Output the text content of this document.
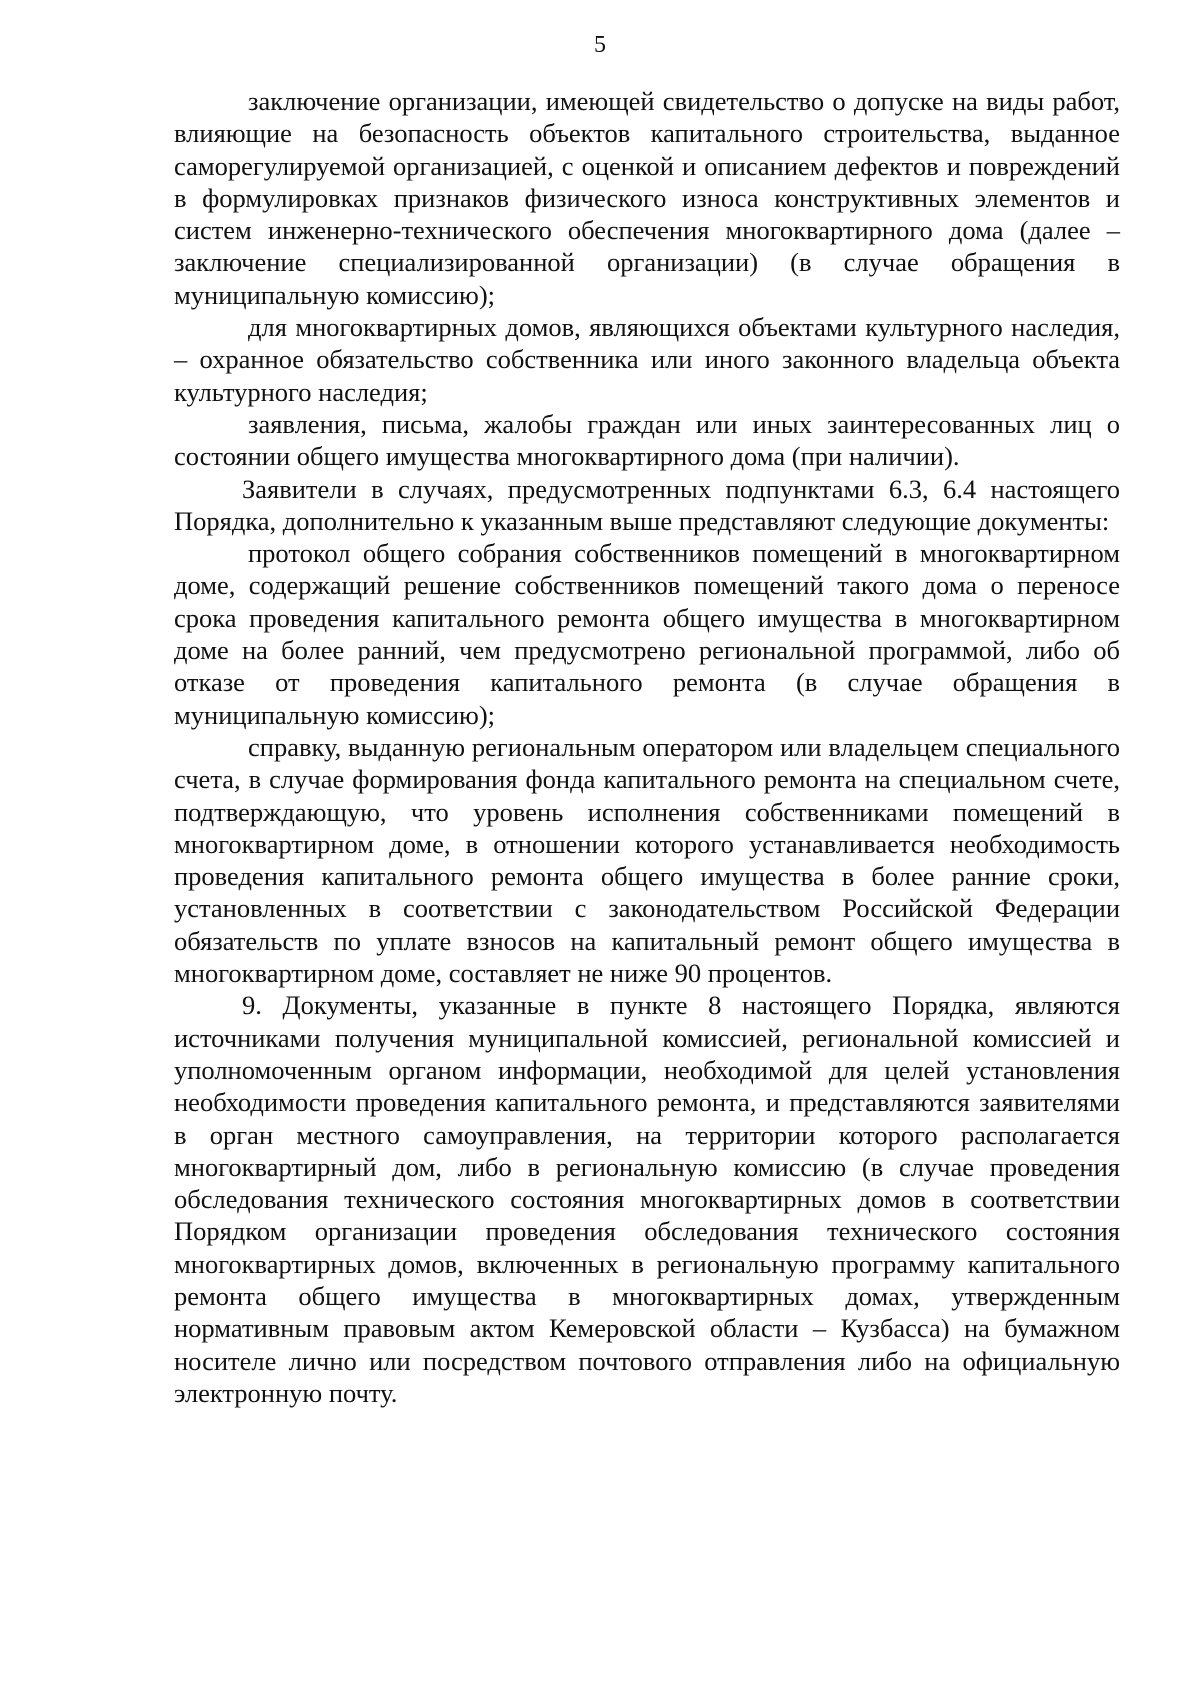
5

заключение организации, имеющей свидетельство о допуске на виды работ, влияющие на безопасность объектов капитального строительства, выданное саморегулируемой организацией, с оценкой и описанием дефектов и повреждений в формулировках признаков физического износа конструктивных элементов и систем инженерно-технического обеспечения многоквартирного дома (далее – заключение специализированной организации) (в случае обращения в муниципальную комиссию);

для многоквартирных домов, являющихся объектами культурного наследия, – охранное обязательство собственника или иного законного владельца объекта культурного наследия;

заявления, письма, жалобы граждан или иных заинтересованных лиц о состоянии общего имущества многоквартирного дома (при наличии).

Заявители в случаях, предусмотренных подпунктами 6.3, 6.4 настоящего Порядка, дополнительно к указанным выше представляют следующие документы:

протокол общего собрания собственников помещений в многоквартирном доме, содержащий решение собственников помещений такого дома о переносе срока проведения капитального ремонта общего имущества в многоквартирном доме на более ранний, чем предусмотрено региональной программой, либо об отказе от проведения капитального ремонта (в случае обращения в муниципальную комиссию);

справку, выданную региональным оператором или владельцем специального счета, в случае формирования фонда капитального ремонта на специальном счете, подтверждающую, что уровень исполнения собственниками помещений в многоквартирном доме, в отношении которого устанавливается необходимость проведения капитального ремонта общего имущества в более ранние сроки, установленных в соответствии с законодательством Российской Федерации обязательств по уплате взносов на капитальный ремонт общего имущества в многоквартирном доме, составляет не ниже 90 процентов.

9. Документы, указанные в пункте 8 настоящего Порядка, являются источниками получения муниципальной комиссией, региональной комиссией и уполномоченным органом информации, необходимой для целей установления необходимости проведения капитального ремонта, и представляются заявителями в орган местного самоуправления, на территории которого располагается многоквартирный дом, либо в региональную комиссию (в случае проведения обследования технического состояния многоквартирных домов в соответствии Порядком организации проведения обследования технического состояния многоквартирных домов, включенных в региональную программу капитального ремонта общего имущества в многоквартирных домах, утвержденным нормативным правовым актом Кемеровской области – Кузбасса) на бумажном носителе лично или посредством почтового отправления либо на официальную электронную почту.
